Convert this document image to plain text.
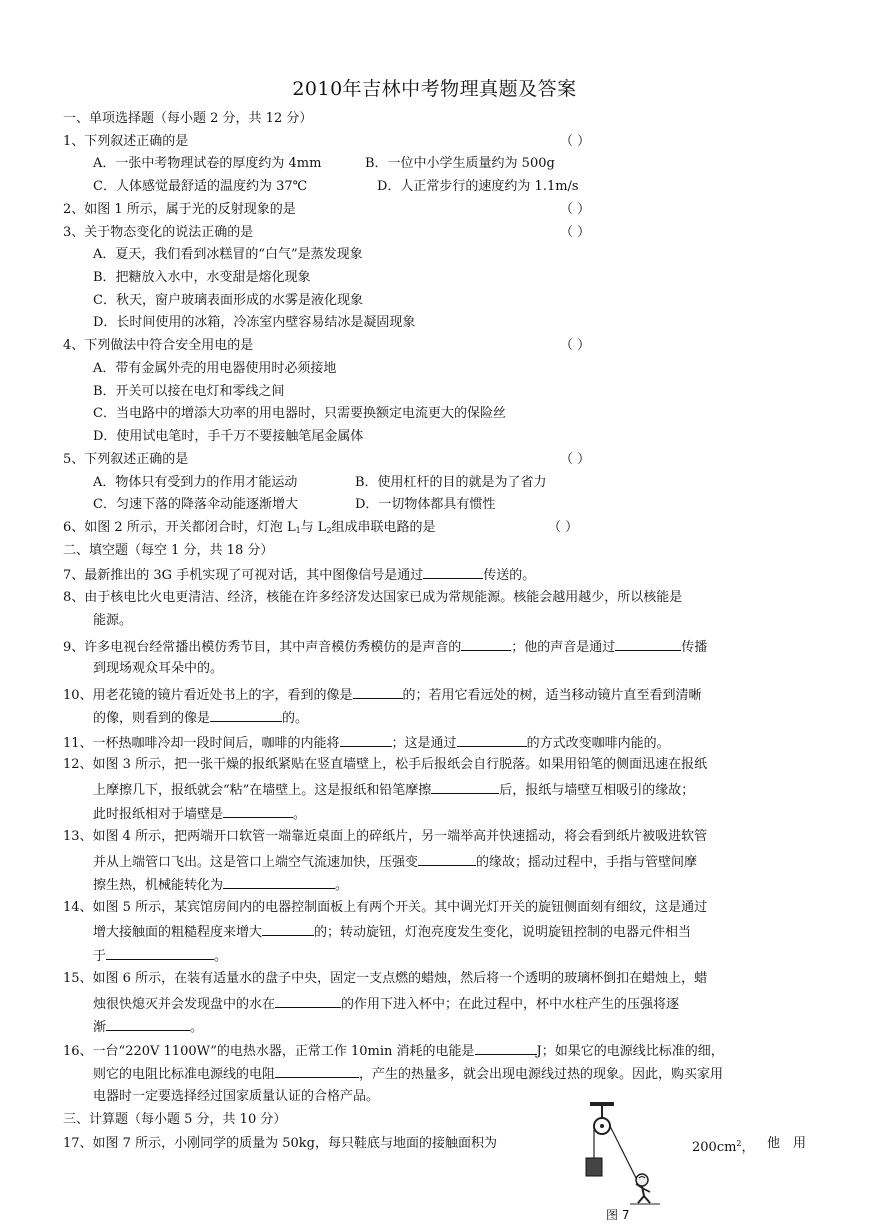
2010年吉林中考物理真题及答案
一、单项选择题（每小题 2 分，共 12 分）
1、下列叙述正确的是	（ ）
A．一张中考物理试卷的厚度约为 4mm	B．一位中小学生质量约为 500g
C．人体感觉最舒适的温度约为 37℃	D．人正常步行的速度约为 1.1m/s
2、如图 1 所示，属于光的反射现象的是	（ ）
3、关于物态变化的说法正确的是	（ ）
A．夏天，我们看到冰糕冒的“白气”是蒸发现象
B．把糖放入水中，水变甜是熔化现象
C．秋天，窗户玻璃表面形成的水雾是液化现象
D．长时间使用的冰箱，冷冻室内壁容易结冰是凝固现象
4、下列做法中符合安全用电的是	（ ）
A．带有金属外壳的用电器使用时必须接地
B．开关可以接在电灯和零线之间
C．当电路中的增添大功率的用电器时，只需要换额定电流更大的保险丝
D．使用试电笔时，手千万不要接触笔尾金属体
5、下列叙述正确的是	（ ）
A．物体只有受到力的作用才能运动	B．使用杠杆的目的就是为了省力
C．匀速下落的降落伞动能逐渐增大	D．一切物体都具有惯性
6、如图 2 所示，开关都闭合时，灯泡 $L_1$与 $L_2$组成串联电路的是	（ ）
二、填空题（每空 1 分，共 18 分）
7、最新推出的 3G 手机实现了可视对话，其中图像信号是通过	传送的。
8、由于核电比火电更清洁、经济，核能在许多经济发达国家已成为常规能源。核能会越用越少，所以核能是
能源。
9、许多电视台经常播出模仿秀节目，其中声音模仿秀模仿的是声音的	；他的声音是通过	传播
到现场观众耳朵中的。
10、用老花镜的镜片看近处书上的字，看到的像是	的；若用它看远处的树，适当移动镜片直至看到清晰
的像，则看到的像是	的。
11、一杯热咖啡冷却一段时间后，咖啡的内能将	；这是通过	的方式改变咖啡内能的。
12、如图 3 所示，把一张干燥的报纸紧贴在竖直墙壁上，松手后报纸会自行脱落。如果用铅笔的侧面迅速在报纸
上摩擦几下，报纸就会“粘”在墙壁上。这是报纸和铅笔摩擦	后，报纸与墙壁互相吸引的缘故；
此时报纸相对于墙壁是	。
13、如图 4 所示，把两端开口软管一端靠近桌面上的碎纸片，另一端举高并快速摇动，将会看到纸片被吸进软管
并从上端管口飞出。这是管口上端空气流速加快，压强变	的缘故；摇动过程中，手指与管壁间摩
擦生热，机械能转化为	。
14、如图 5 所示，某宾馆房间内的电器控制面板上有两个开关。其中调光灯开关的旋钮侧面刻有细纹，这是通过
增大接触面的粗糙程度来增大	的；转动旋钮，灯泡亮度发生变化，说明旋钮控制的电器元件相当
于	。
15、如图 6 所示，在装有适量水的盘子中央，固定一支点燃的蜡烛，然后将一个透明的玻璃杯倒扣在蜡烛上，蜡
烛很快熄灭并会发现盘中的水在	的作用下进入杯中；在此过程中，杯中水柱产生的压强将逐
渐	。
16、一台“220V 1100W”的电热水器，正常工作 10min 消耗的电能是	J；如果它的电源线比标准的细，
则它的电阻比标准电源线的电阻	，产生的热量多，就会出现电源线过热的现象。因此，购买家用
电器时一定要选择经过国家质量认证的合格产品。
三、计算题（每小题 5 分，共 10 分）
17、如图 7 所示，小刚同学的质量为 50kg，每只鞋底与地面的接触面积为	$200cm^2$， 他 用
图 7
